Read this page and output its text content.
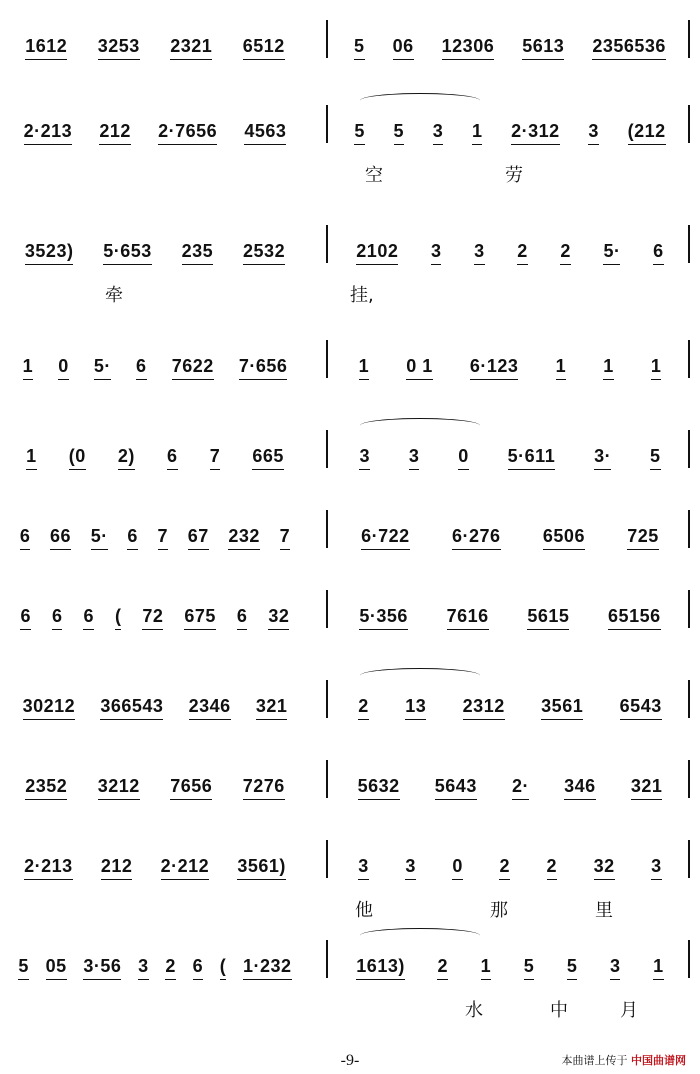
1612 3253 2321 6512	5 06 12306 5613 2356536
2·213 212 2·7656 4563	5 5 3 1 2·312 3 (212
空	劳
3523) 5·653 235 2532	2102 3 3 2 2 5· 6
牵	挂,
1 0 5· 6 7622 7·656	1 0 1 6·123 1 1 1
1 (0 2) 6 7 665	3 3 0 5·611 3· 5
6 66 5· 6 7 67 232 7	6·722 6·276 6506 725
6 6 6 ( 72 675 6 32	5·356 7616 5615 65156
30212 366543 2346 321	2 13 2312 3561 6543
2352 3212 7656 7276	5632 5643 2· 346 321
2·213 212 2·212 3561)	3 3 0 2 2 32 3
他	那	里
5 05 3·56 3 2 6 ( 1·232	1613) 2 1 5 5 3 1
水	中	月
-9-	本曲谱上传于 中国曲谱网
